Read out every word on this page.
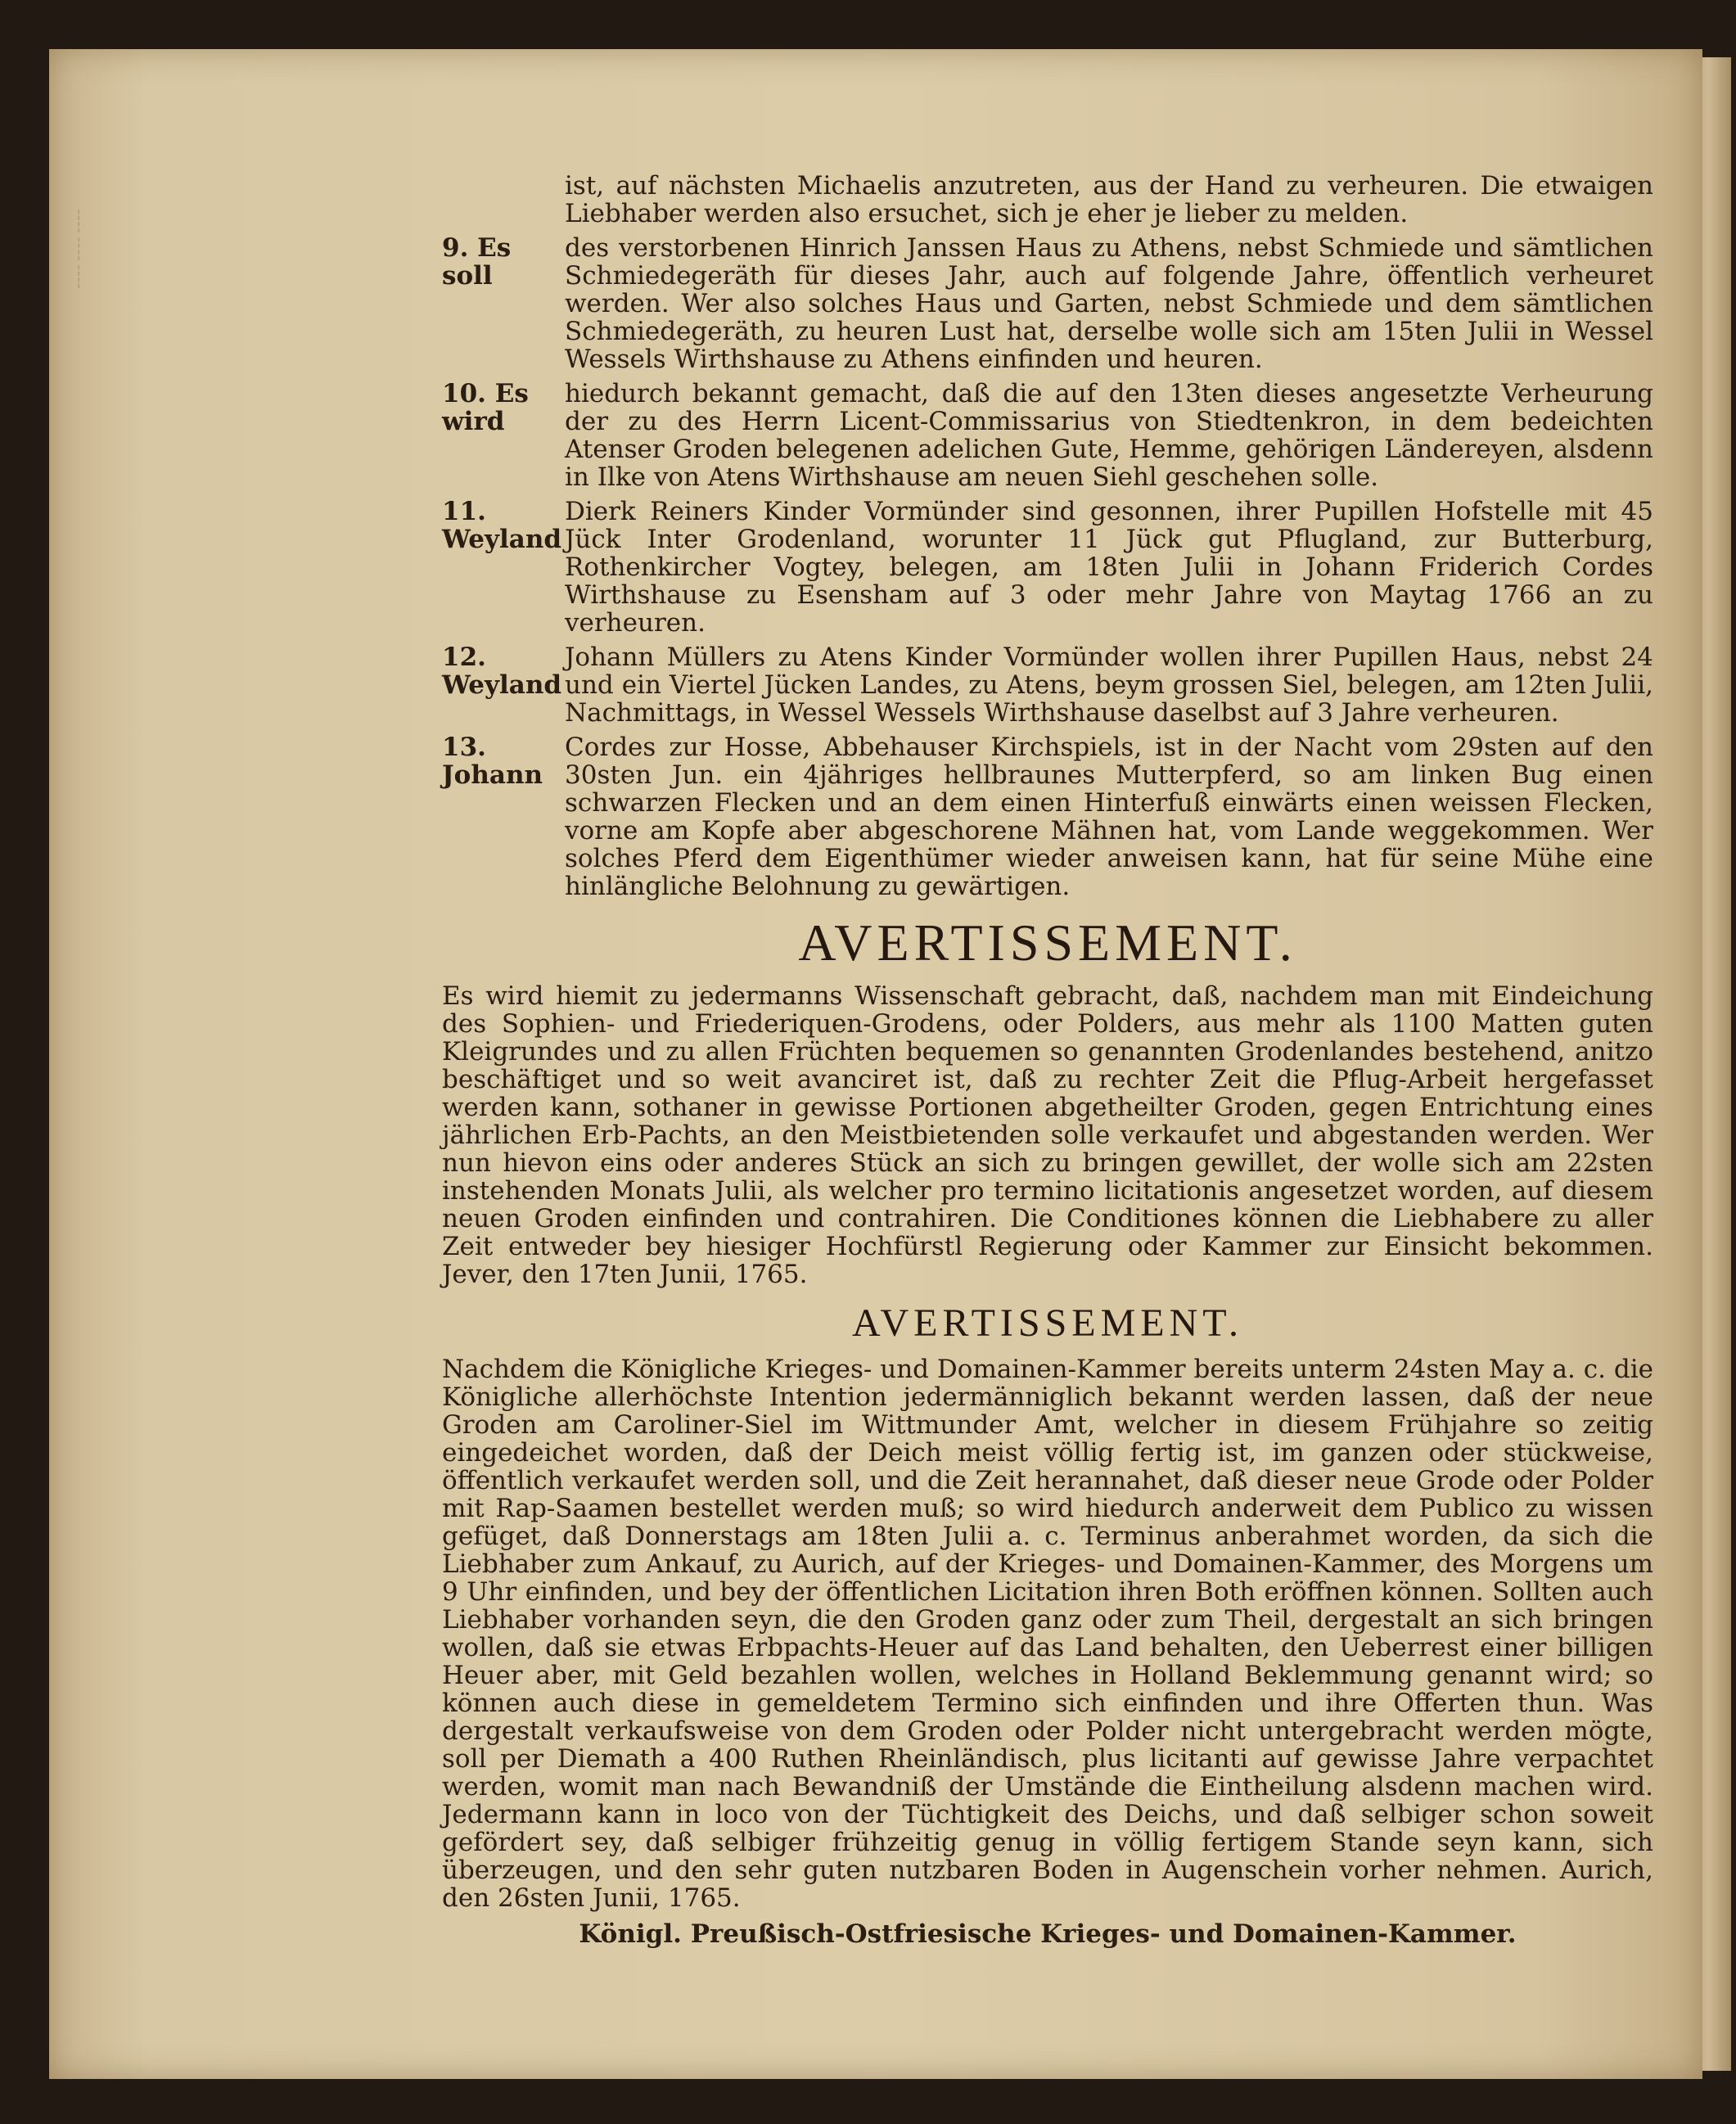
┊
┊
┊
ist, auf nächsten Michaelis anzutreten, aus der Hand zu verheuren. Die etwaigen Liebhaber werden also ersuchet, sich je eher je lieber zu melden.
9. Es soll
des verstorbenen Hinrich Janssen Haus zu Athens, nebst Schmiede und sämtlichen Schmiedegeräth für dieses Jahr, auch auf folgende Jahre, öffentlich verheuret werden. Wer also solches Haus und Garten, nebst Schmiede und dem sämtlichen Schmiedegeräth, zu heuren Lust hat, derselbe wolle sich am 15ten Julii in Wessel Wessels Wirthshause zu Athens einfinden und heuren.
10. Es wird
hiedurch bekannt gemacht, daß die auf den 13ten dieses angesetzte Verheurung der zu des Herrn Licent-Commissarius von Stiedtenkron, in dem bedeichten Atenser Groden belegenen adelichen Gute, Hemme, gehörigen Ländereyen, alsdenn in Ilke von Atens Wirthshause am neuen Siehl geschehen solle.
11. Weyland
Dierk Reiners Kinder Vormünder sind gesonnen, ihrer Pupillen Hofstelle mit 45 Jück Inter Grodenland, worunter 11 Jück gut Pflugland, zur Butterburg, Rothenkircher Vogtey, belegen, am 18ten Julii in Johann Friderich Cordes Wirthshause zu Esensham auf 3 oder mehr Jahre von Maytag 1766 an zu verheuren.
12. Weyland
Johann Müllers zu Atens Kinder Vormünder wollen ihrer Pupillen Haus, nebst 24 und ein Viertel Jücken Landes, zu Atens, beym grossen Siel, belegen, am 12ten Julii, Nachmittags, in Wessel Wessels Wirthshause daselbst auf 3 Jahre verheuren.
13. Johann
Cordes zur Hosse, Abbehauser Kirchspiels, ist in der Nacht vom 29sten auf den 30sten Jun. ein 4jähriges hellbraunes Mutterpferd, so am linken Bug einen schwarzen Flecken und an dem einen Hinterfuß einwärts einen weissen Flecken, vorne am Kopfe aber abgeschorene Mähnen hat, vom Lande weggekommen. Wer solches Pferd dem Eigenthümer wieder anweisen kann, hat für seine Mühe eine hinlängliche Belohnung zu gewärtigen.
AVERTISSEMENT.
Es wird hiemit zu jedermanns Wissenschaft gebracht, daß, nachdem man mit Eindeichung des Sophien- und Friederiquen-Grodens, oder Polders, aus mehr als 1100 Matten guten Kleigrundes und zu allen Früchten bequemen so genannten Grodenlandes bestehend, anitzo beschäftiget und so weit avanciret ist, daß zu rechter Zeit die Pflug-Arbeit hergefasset werden kann, sothaner in gewisse Portionen abgetheilter Groden, gegen Entrichtung eines jährlichen Erb-Pachts, an den Meistbietenden solle verkaufet und abgestanden werden. Wer nun hievon eins oder anderes Stück an sich zu bringen gewillet, der wolle sich am 22sten instehenden Monats Julii, als welcher pro termino licitationis angesetzet worden, auf diesem neuen Groden einfinden und contrahiren. Die Conditiones können die Liebhabere zu aller Zeit entweder bey hiesiger Hochfürstl Regierung oder Kammer zur Einsicht bekommen. Jever, den 17ten Junii, 1765.
AVERTISSEMENT.
Nachdem die Königliche Krieges- und Domainen-Kammer bereits unterm 24sten May a. c. die Königliche allerhöchste Intention jedermänniglich bekannt werden lassen, daß der neue Groden am Caroliner-Siel im Wittmunder Amt, welcher in diesem Frühjahre so zeitig eingedeichet worden, daß der Deich meist völlig fertig ist, im ganzen oder stückweise, öffentlich verkaufet werden soll, und die Zeit herannahet, daß dieser neue Grode oder Polder mit Rap-Saamen bestellet werden muß; so wird hiedurch anderweit dem Publico zu wissen gefüget, daß Donnerstags am 18ten Julii a. c. Terminus anberahmet worden, da sich die Liebhaber zum Ankauf, zu Aurich, auf der Krieges- und Domainen-Kammer, des Morgens um 9 Uhr einfinden, und bey der öffentlichen Licitation ihren Both eröffnen können. Sollten auch Liebhaber vorhanden seyn, die den Groden ganz oder zum Theil, dergestalt an sich bringen wollen, daß sie etwas Erbpachts-Heuer auf das Land behalten, den Ueberrest einer billigen Heuer aber, mit Geld bezahlen wollen, welches in Holland Beklemmung genannt wird; so können auch diese in gemeldetem Termino sich einfinden und ihre Offerten thun. Was dergestalt verkaufsweise von dem Groden oder Polder nicht untergebracht werden mögte, soll per Diemath a 400 Ruthen Rheinländisch, plus licitanti auf gewisse Jahre verpachtet werden, womit man nach Bewandniß der Umstände die Eintheilung alsdenn machen wird. Jedermann kann in loco von der Tüchtigkeit des Deichs, und daß selbiger schon soweit gefördert sey, daß selbiger frühzeitig genug in völlig fertigem Stande seyn kann, sich überzeugen, und den sehr guten nutzbaren Boden in Augenschein vorher nehmen. Aurich, den 26sten Junii, 1765.
Königl. Preußisch-Ostfriesische Krieges- und Domainen-Kammer.
